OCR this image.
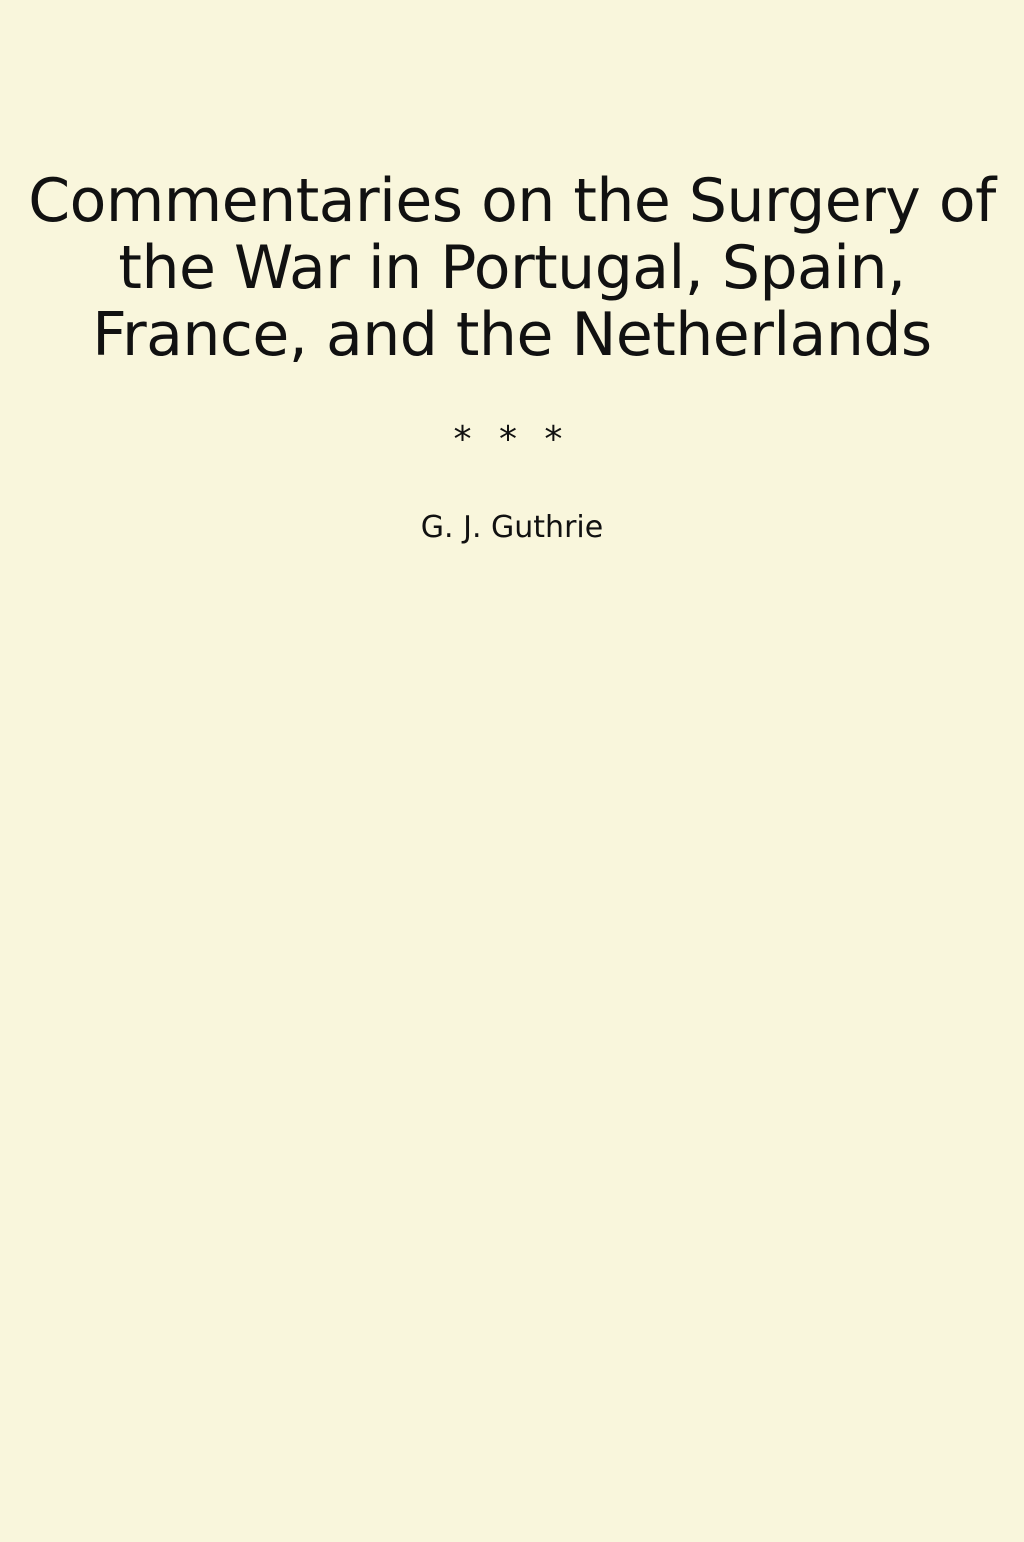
Commentaries on the Surgery of the War in Portugal, Spain, France, and the Netherlands
* * *
G. J. Guthrie
